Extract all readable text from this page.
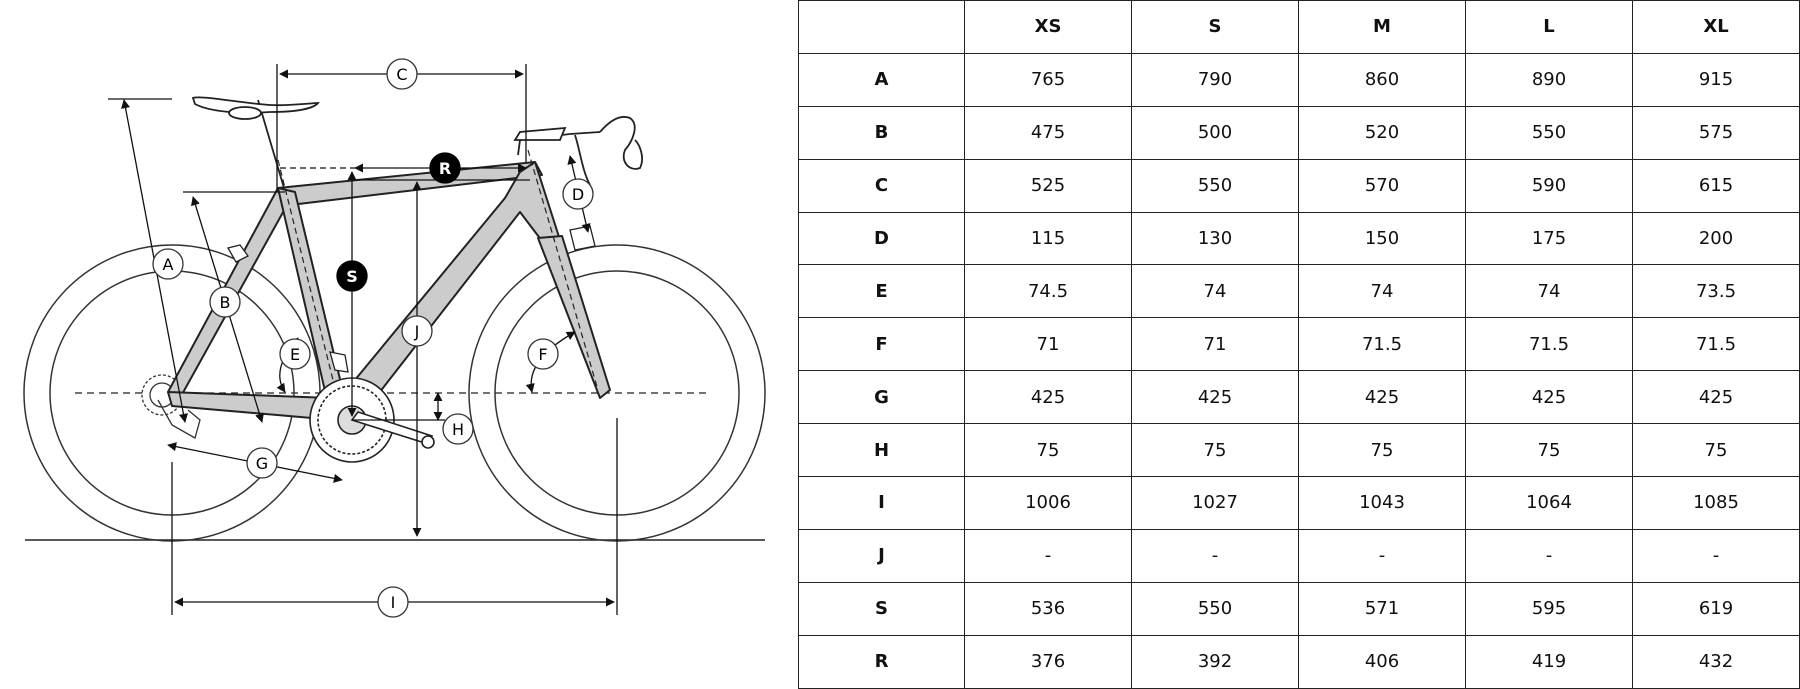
A
B
C
D
E	F
G
H
I
J
S
R
	XS	S	M	L	XL
A	765	790	860	890	915
B	475	500	520	550	575
C	525	550	570	590	615
D	115	130	150	175	200
E	74.5	74	74	74	73.5
F	71	71	71.5	71.5	71.5
G	425	425	425	425	425
H	75	75	75	75	75
I	1006	1027	1043	1064	1085
J	-	-	-	-	-
S	536	550	571	595	619
R	376	392	406	419	432
